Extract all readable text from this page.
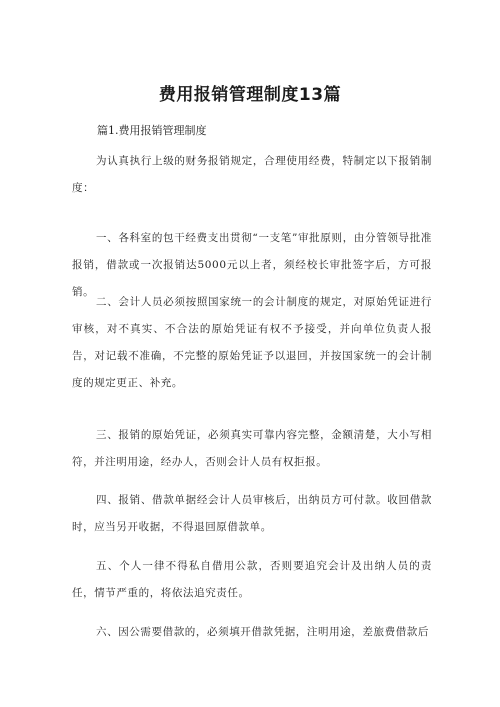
费用报销管理制度13篇

篇1.费用报销管理制度

为认真执行上级的财务报销规定，合理使用经费，特制定以下报销制度：

一、各科室的包干经费支出贯彻“一支笔”审批原则，由分管领导批准报销，借款或一次报销达5000元以上者，须经校长审批签字后，方可报销。

二、会计人员必须按照国家统一的会计制度的规定，对原始凭证进行审核，对不真实、不合法的原始凭证有权不予接受，并向单位负责人报告，对记载不准确，不完整的原始凭证予以退回，并按国家统一的会计制度的规定更正、补充。

三、报销的原始凭证，必须真实可靠内容完整，金额清楚，大小写相符，并注明用途，经办人，否则会计人员有权拒报。

四、报销、借款单据经会计人员审核后，出纳员方可付款。收回借款时，应当另开收据，不得退回原借款单。

五、个人一律不得私自借用公款，否则要追究会计及出纳人员的责任，情节严重的，将依法追究责任。

六、因公需要借款的，必须填开借款凭据，注明用途，差旅费借款后
